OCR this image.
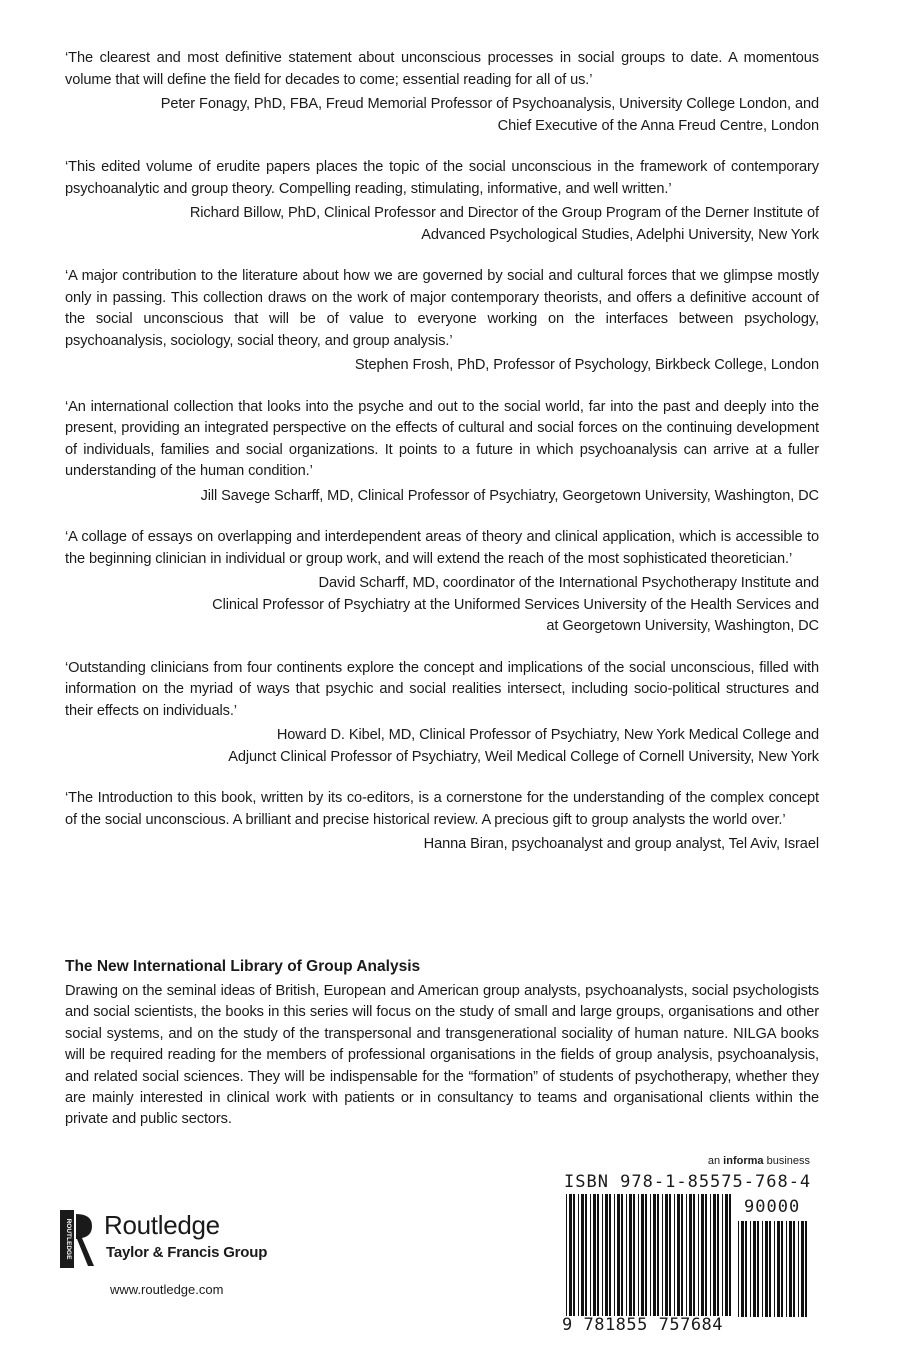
‘The clearest and most definitive statement about unconscious processes in social groups to date. A momentous volume that will define the field for decades to come; essential reading for all of us.’

Peter Fonagy, PhD, FBA, Freud Memorial Professor of Psychoanalysis, University College London, and
Chief Executive of the Anna Freud Centre, London

‘This edited volume of erudite papers places the topic of the social unconscious in the framework of contemporary psychoanalytic and group theory. Compelling reading, stimulating, informative, and well written.’

Richard Billow, PhD, Clinical Professor and Director of the Group Program of the Derner Institute of
Advanced Psychological Studies, Adelphi University, New York

‘A major contribution to the literature about how we are governed by social and cultural forces that we glimpse mostly only in passing. This collection draws on the work of major contemporary theorists, and offers a definitive account of the social unconscious that will be of value to everyone working on the interfaces between psychology, psychoanalysis, sociology, social theory, and group analysis.’

Stephen Frosh, PhD, Professor of Psychology, Birkbeck College, London

‘An international collection that looks into the psyche and out to the social world, far into the past and deeply into the present, providing an integrated perspective on the effects of cultural and social forces on the continuing development of individuals, families and social organizations. It points to a future in which psychoanalysis can arrive at a fuller understanding of the human condition.’

Jill Savege Scharff, MD, Clinical Professor of Psychiatry, Georgetown University, Washington, DC

‘A collage of essays on overlapping and interdependent areas of theory and clinical application, which is accessible to the beginning clinician in individual or group work, and will extend the reach of the most sophisticated theoretician.’

David Scharff, MD, coordinator of the International Psychotherapy Institute and
Clinical Professor of Psychiatry at the Uniformed Services University of the Health Services and
at Georgetown University, Washington, DC

‘Outstanding clinicians from four continents explore the concept and implications of the social unconscious, filled with information on the myriad of ways that psychic and social realities intersect, including socio-political structures and their effects on individuals.’

Howard D. Kibel, MD, Clinical Professor of Psychiatry, New York Medical College and
Adjunct Clinical Professor of Psychiatry, Weil Medical College of Cornell University, New York

‘The Introduction to this book, written by its co-editors, is a cornerstone for the understanding of the complex concept of the social unconscious. A brilliant and precise historical review. A precious gift to group analysts the world over.’

Hanna Biran, psychoanalyst and group analyst, Tel Aviv, Israel

The New International Library of Group Analysis

Drawing on the seminal ideas of British, European and American group analysts, psychoanalysts, social psychologists and social scientists, the books in this series will focus on the study of small and large groups, organisations and other social systems, and on the study of the transpersonal and transgenerational sociality of human nature. NILGA books will be required reading for the members of professional organisations in the fields of group analysis, psychoanalysis, and related social sciences. They will be indispensable for the “formation” of students of psychotherapy, whether they are mainly interested in clinical work with patients or in consultancy to teams and organisational clients within the private and public sectors.

an informa business
ROUTLEDGE Routledge
Taylor & Francis Group
www.routledge.com
ISBN 978-1-85575-768-4
90000
9 781855 757684
